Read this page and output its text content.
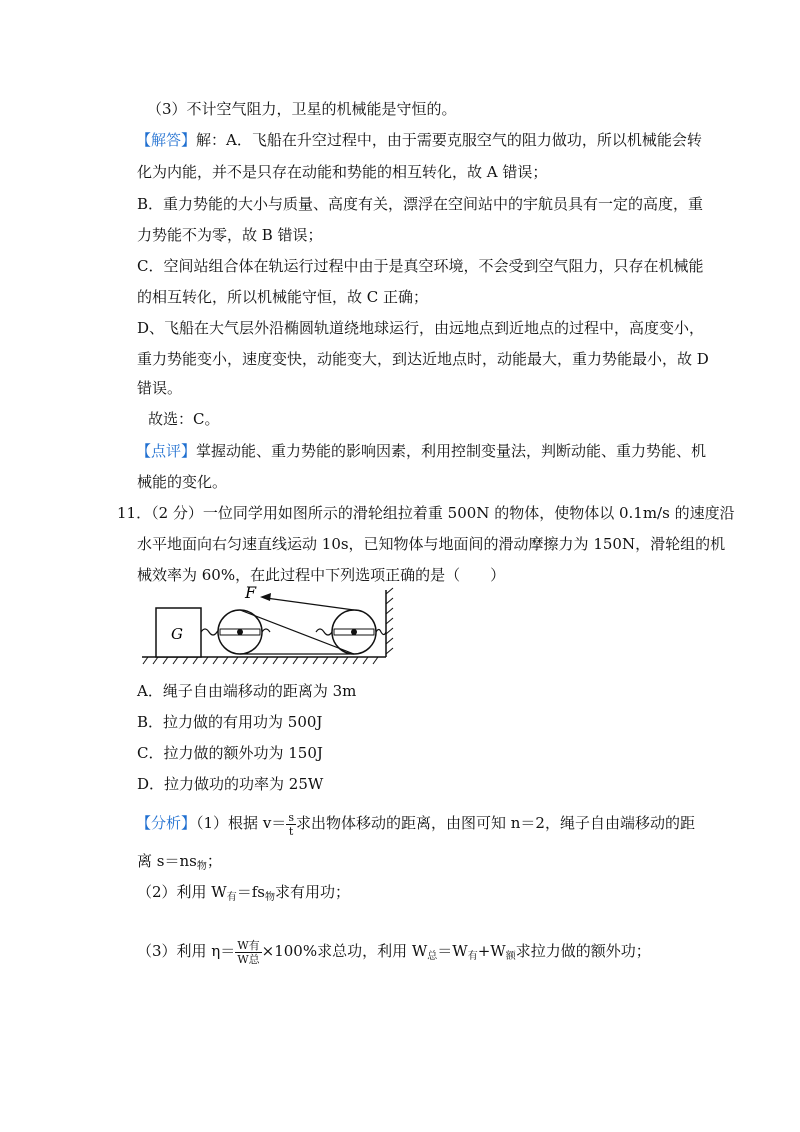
（3）不计空气阻力，卫星的机械能是守恒的。
【解答】解：A．飞船在升空过程中，由于需要克服空气的阻力做功，所以机械能会转
化为内能，并不是只存在动能和势能的相互转化，故 A 错误；
B．重力势能的大小与质量、高度有关，漂浮在空间站中的宇航员具有一定的高度，重
力势能不为零，故 B 错误；
C．空间站组合体在轨运行过程中由于是真空环境，不会受到空气阻力，只存在机械能
的相互转化，所以机械能守恒，故 C 正确；
D、飞船在大气层外沿椭圆轨道绕地球运行，由远地点到近地点的过程中，高度变小，
重力势能变小，速度变快，动能变大，到达近地点时，动能最大，重力势能最小，故 D
错误。
故选：C。
【点评】掌握动能、重力势能的影响因素，利用控制变量法，判断动能、重力势能、机
械能的变化。
11．（2 分）一位同学用如图所示的滑轮组拉着重 500N 的物体，使物体以 0.1m/s 的速度沿
水平地面向右匀速直线运动 10s，已知物体与地面间的滑动摩擦力为 150N，滑轮组的机
械效率为 60%，在此过程中下列选项正确的是（　　）
G
F
A．绳子自由端移动的距离为 3m
B．拉力做的有用功为 500J
C．拉力做的额外功为 150J
D．拉力做功的功率为 25W
【分析】（1）根据 $v= \frac{s}{t}$ 求出物体移动的距离，由图可知 n＝2，绳子自由端移动的距
离 $s=ns_物$；
（2）利用 $W_有=fs_物$求有用功；
（3）利用 $\eta= \frac{\text{W有}}{\text{W总}} \times 100\%$求总功，利用 $W_总=W_有+W_额$求拉力做的额外功；
